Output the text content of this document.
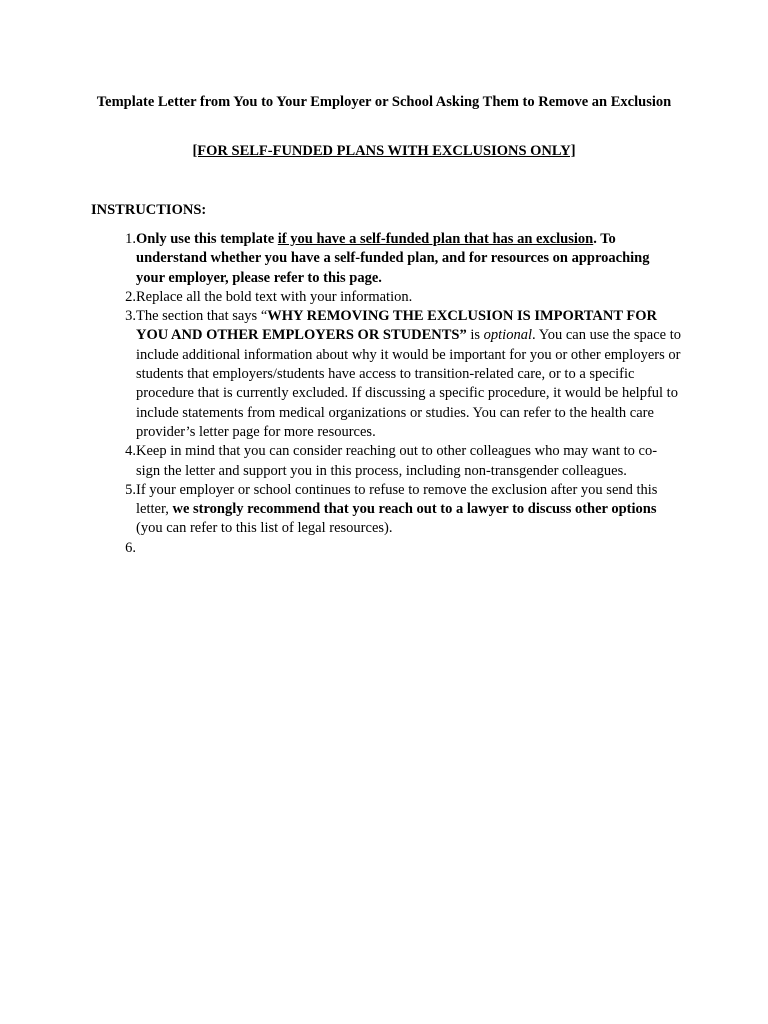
Template Letter from You to Your Employer or School Asking Them to Remove an Exclusion
[FOR SELF-FUNDED PLANS WITH EXCLUSIONS ONLY]
INSTRUCTIONS:
1. Only use this template if you have a self-funded plan that has an exclusion. To understand whether you have a self-funded plan, and for resources on approaching your employer, please refer to this page.
2. Replace all the bold text with your information.
3. The section that says “WHY REMOVING THE EXCLUSION IS IMPORTANT FOR YOU AND OTHER EMPLOYERS OR STUDENTS” is optional. You can use the space to include additional information about why it would be important for you or other employers or students that employers/students have access to transition-related care, or to a specific procedure that is currently excluded. If discussing a specific procedure, it would be helpful to include statements from medical organizations or studies. You can refer to the health care provider’s letter page for more resources.
4. Keep in mind that you can consider reaching out to other colleagues who may want to co-sign the letter and support you in this process, including non-transgender colleagues.
5. If your employer or school continues to refuse to remove the exclusion after you send this letter, we strongly recommend that you reach out to a lawyer to discuss other options (you can refer to this list of legal resources).
6.
